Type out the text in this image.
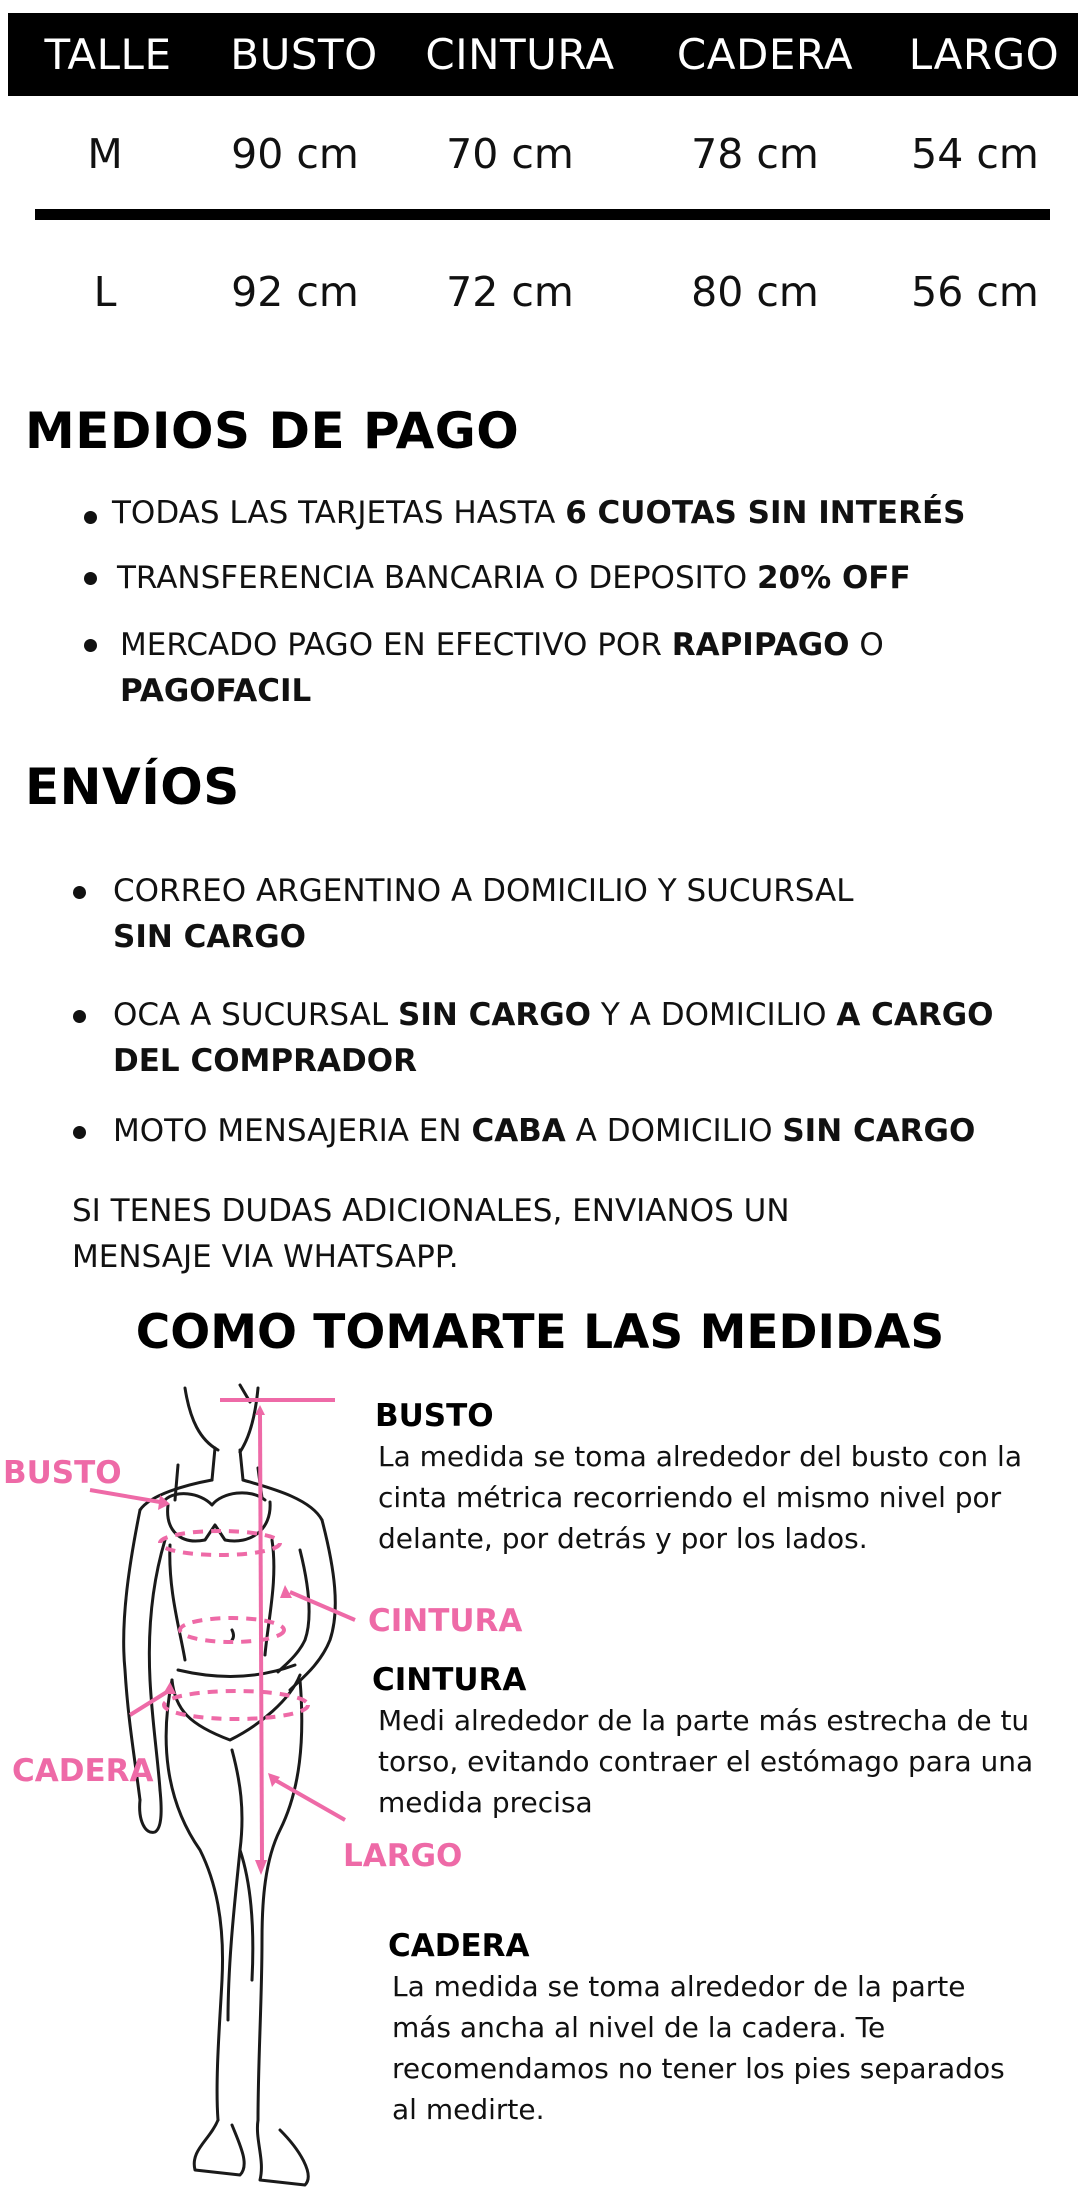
TALLE	BUSTO	CINTURA	CADERA	LARGO
M	90 cm	70 cm	78 cm	54 cm
L	92 cm	72 cm	80 cm	56 cm
MEDIOS DE PAGO
TODAS LAS TARJETAS HASTA 6 CUOTAS SIN INTERÉS
TRANSFERENCIA BANCARIA O DEPOSITO 20% OFF
MERCADO PAGO EN EFECTIVO POR RAPIPAGO O
PAGOFACIL
ENVÍOS
CORREO ARGENTINO A DOMICILIO Y SUCURSAL
SIN CARGO
OCA A SUCURSAL SIN CARGO Y A DOMICILIO A CARGO
DEL COMPRADOR
MOTO MENSAJERIA EN CABA A DOMICILIO SIN CARGO
SI TENES DUDAS ADICIONALES, ENVIANOS UN
MENSAJE VIA WHATSAPP.
COMO TOMARTE LAS MEDIDAS
BUSTO
CINTURA
CADERA
LARGO
BUSTO
La medida se toma alrededor del busto con la
cinta métrica recorriendo el mismo nivel por
delante, por detrás y por los lados.
CINTURA
Medi alrededor de la parte más estrecha de tu
torso, evitando contraer el estómago para una
medida precisa
CADERA
La medida se toma alrededor de la parte
más ancha al nivel de la cadera. Te
recomendamos no tener los pies separados
al medirte.
